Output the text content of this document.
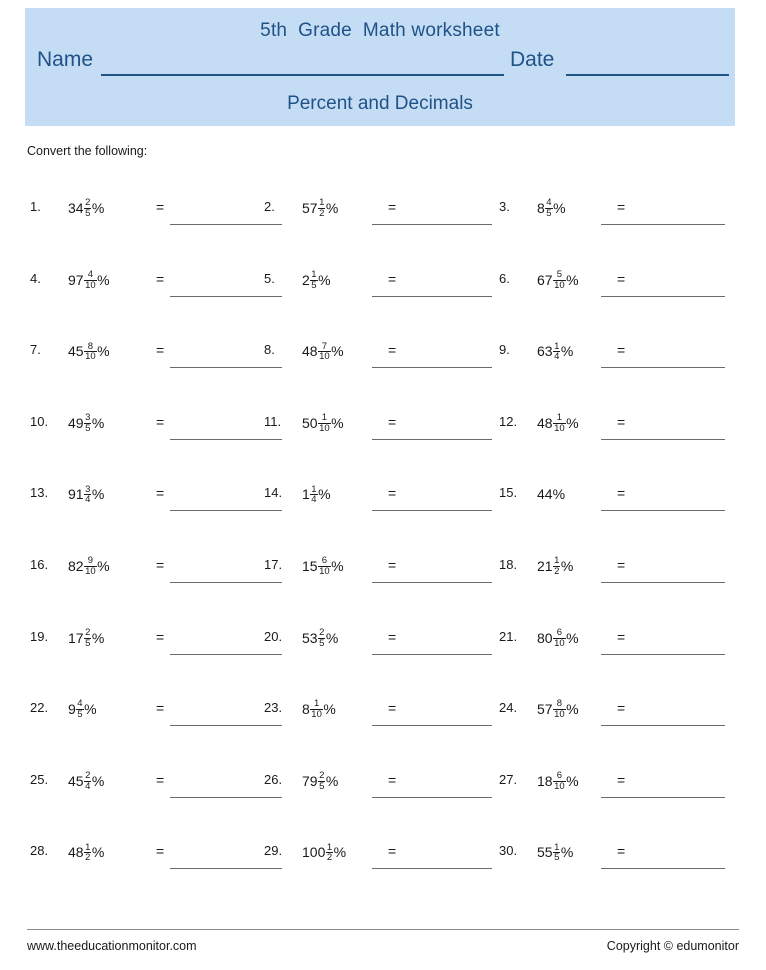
5th  Grade  Math worksheet
Name	Date
Percent and Decimals
Convert the following:
1.	$34 \frac{2}{5}$ %	=	2.	$57 \frac{1}{2}$ %	=	3.	$8 \frac{4}{5}$ %	=
4.	$97 \frac{4}{10}$ %	=	5.	$2 \frac{1}{5}$ %	=	6.	$67 \frac{5}{10}$ %	=
7.	$45 \frac{8}{10}$ %	=	8.	$48 \frac{7}{10}$ %	=	9.	$63 \frac{1}{4}$ %	=
10.	$49 \frac{3}{5}$ %	=	11.	$50 \frac{1}{10}$ %	=	12.	$48 \frac{1}{10}$ %	=
13.	$91 \frac{3}{4}$ %	=	14.	$1 \frac{1}{4}$ %	=	15.	44 %	=
16.	$82 \frac{9}{10}$ %	=	17.	$15 \frac{6}{10}$ %	=	18.	$21 \frac{1}{2}$ %	=
19.	$17 \frac{2}{5}$ %	=	20.	$53 \frac{2}{5}$ %	=	21.	$80 \frac{6}{10}$ %	=
22.	$9 \frac{4}{5}$ %	=	23.	$8 \frac{1}{10}$ %	=	24.	$57 \frac{8}{10}$ %	=
25.	$45 \frac{2}{4}$ %	=	26.	$79 \frac{2}{5}$ %	=	27.	$18 \frac{6}{10}$ %	=
28.	$48 \frac{1}{2}$ %	=	29.	$100 \frac{1}{2}$ %	=	30.	$55 \frac{1}{5}$ %	=
www.theeducationmonitor.com	Copyright © edumonitor
